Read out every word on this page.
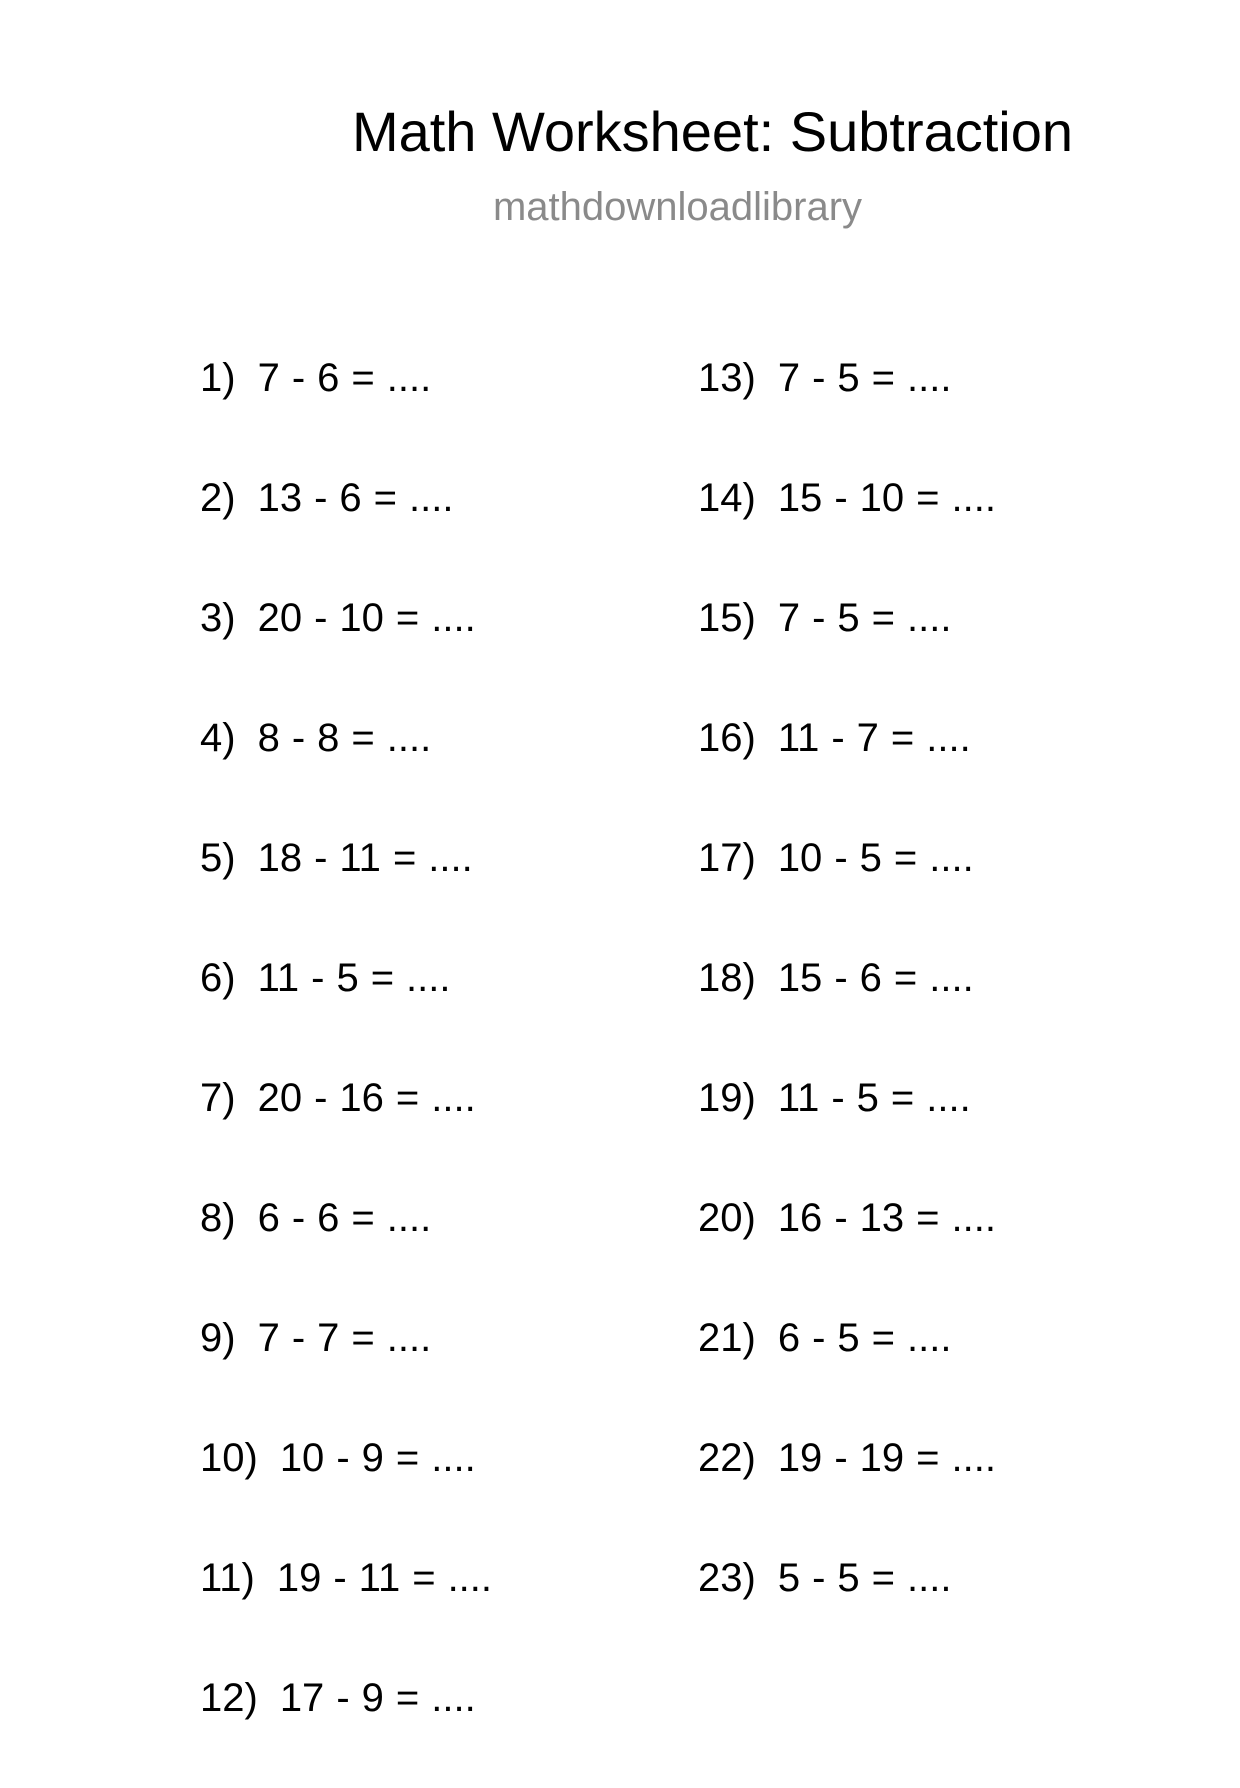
Math Worksheet: Subtraction
mathdownloadlibrary
1) 7 - 6 = ....
2) 13 - 6 = ....
3) 20 - 10 = ....
4) 8 - 8 = ....
5) 18 - 11 = ....
6) 11 - 5 = ....
7) 20 - 16 = ....
8) 6 - 6 = ....
9) 7 - 7 = ....
10) 10 - 9 = ....
11) 19 - 11 = ....
12) 17 - 9 = ....
13) 7 - 5 = ....
14) 15 - 10 = ....
15) 7 - 5 = ....
16) 11 - 7 = ....
17) 10 - 5 = ....
18) 15 - 6 = ....
19) 11 - 5 = ....
20) 16 - 13 = ....
21) 6 - 5 = ....
22) 19 - 19 = ....
23) 5 - 5 = ....
